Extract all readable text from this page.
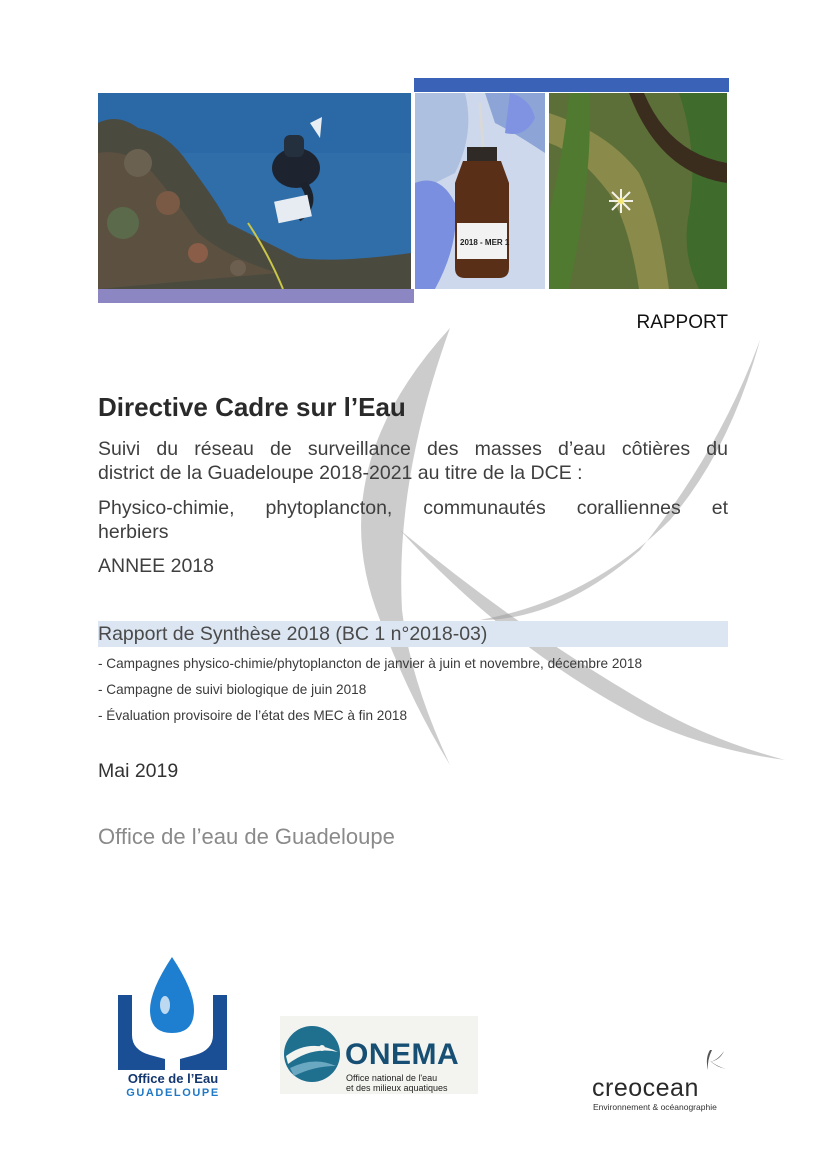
2018 - MER 1
RAPPORT
Directive Cadre sur l’Eau
Suivi du réseau de surveillance des masses d’eau côtières du
district de la Guadeloupe 2018-2021 au titre de la DCE :
Physico-chimie, phytoplancton, communautés coralliennes et
herbiers
ANNEE 2018
Rapport de Synthèse 2018 (BC 1 n°2018-03)
- Campagnes physico-chimie/phytoplancton de janvier à juin et novembre, décembre 2018
- Campagne de suivi biologique de juin 2018
- Évaluation provisoire de l’état des MEC à fin 2018
Mai 2019
Office de l’eau de Guadeloupe
Office de l’Eau
GUADELOUPE
ONEMA
Office national de l'eau
et des milieux aquatiques	creocean
Environnement & océanographie
